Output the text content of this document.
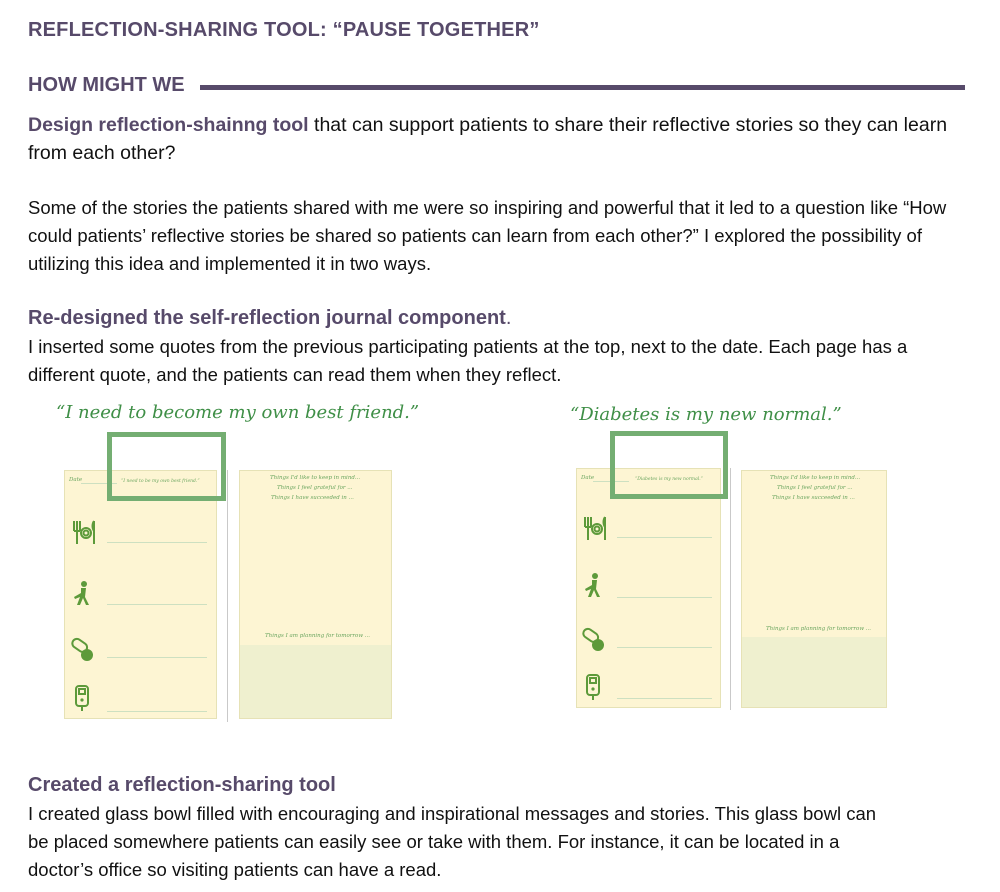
REFLECTION-SHARING TOOL: “PAUSE TOGETHER”
HOW MIGHT WE
Design reflection-shainng tool that can support patients to share their reflective stories so they can learn from each other?
Some of the stories the patients shared with me were so inspiring and powerful that it led to a question like “How could patients’ reflective stories be shared so patients can learn from each other?” I explored the possibility of utilizing this idea and implemented it in two ways.
Re-designed the self-reflection journal component.
I inserted some quotes from the previous participating patients at the top, next to the date. Each page has a different quote, and the patients can read them when they reflect.
“I need to become my own best friend.”
Date	“I need to be my own best friend.”
Things I'd like to keep in mind...
Things I feel grateful for ...
Things I have succeeded in ...
Things I am planning for tomorrow ...
“Diabetes is my new normal.”
Date	“Diabetes is my new normal.”	Things I'd like to keep in mind...
Things I feel grateful for ...
Things I have succeeded in ...
Things I am planning for tomorrow ...
Created a reflection-sharing tool
I created glass bowl filled with encouraging and inspirational messages and stories. This glass bowl can be placed somewhere patients can easily see or take with them. For instance, it can be located in a doctor’s office so visiting patients can have a read.
